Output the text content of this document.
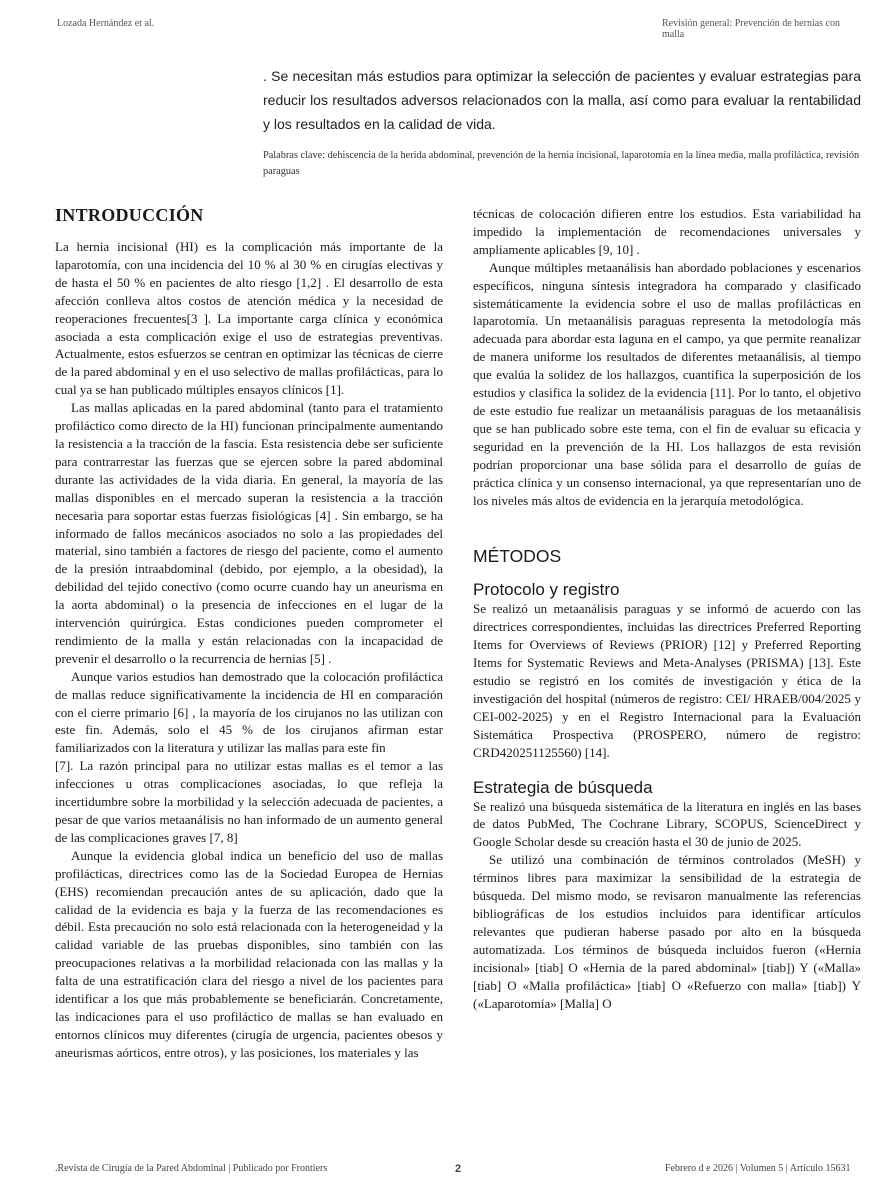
Lozada Hernández et al.	Revisión general: Prevención de hernias con malla
. Se necesitan más estudios para optimizar la selección de pacientes y evaluar estrategias para reducir los resultados adversos relacionados con la malla, así como para evaluar la rentabilidad y los resultados en la calidad de vida.
Palabras clave: dehiscencia de la herida abdominal, prevención de la hernia incisional, laparotomía en la línea media, malla profiláctica, revisión paraguas
INTRODUCCIÓN

La hernia incisional (HI) es la complicación más importante de la laparotomía, con una incidencia del 10 % al 30 % en cirugías electivas y de hasta el 50 % en pacientes de alto riesgo [1,2] . El desarrollo de esta afección conlleva altos costos de atención médica y la necesidad de reoperaciones frecuentes[3 ]. La importante carga clínica y económica asociada a esta complicación exige el uso de estrategias preventivas. Actualmente, estos esfuerzos se centran en optimizar las técnicas de cierre de la pared abdominal y en el uso selectivo de mallas profilácticas, para lo cual ya se han publicado múltiples ensayos clínicos [1].

Las mallas aplicadas en la pared abdominal (tanto para el tratamiento profiláctico como directo de la HI) funcionan principalmente aumentando la resistencia a la tracción de la fascia. Esta resistencia debe ser suficiente para contrarrestar las fuerzas que se ejercen sobre la pared abdominal durante las actividades de la vida diaria. En general, la mayoría de las mallas disponibles en el mercado superan la resistencia a la tracción necesaria para soportar estas fuerzas fisiológicas [4] . Sin embargo, se ha informado de fallos mecánicos asociados no solo a las propiedades del material, sino también a factores de riesgo del paciente, como el aumento de la presión intraabdominal (debido, por ejemplo, a la obesidad), la debilidad del tejido conectivo (como ocurre cuando hay un aneurisma en la aorta abdominal) o la presencia de infecciones en el lugar de la intervención quirúrgica. Estas condiciones pueden comprometer el rendimiento de la malla y están relacionadas con la incapacidad de prevenir el desarrollo o la recurrencia de hernias [5] .

Aunque varios estudios han demostrado que la colocación profiláctica de mallas reduce significativamente la incidencia de HI en comparación con el cierre primario [6] , la mayoría de los cirujanos no las utilizan con este fin. Además, solo el 45 % de los cirujanos afirman estar familiarizados con la literatura y utilizar las mallas para este fin

[7]. La razón principal para no utilizar estas mallas es el temor a las infecciones u otras complicaciones asociadas, lo que refleja la incertidumbre sobre la morbilidad y la selección adecuada de pacientes, a pesar de que varios metaanálisis no han informado de un aumento general de las complicaciones graves [7, 8]

Aunque la evidencia global indica un beneficio del uso de mallas profilácticas, directrices como las de la Sociedad Europea de Hernias (EHS) recomiendan precaución antes de su aplicación, dado que la calidad de la evidencia es baja y la fuerza de las recomendaciones es débil. Esta precaución no solo está relacionada con la heterogeneidad y la calidad variable de las pruebas disponibles, sino también con las preocupaciones relativas a la morbilidad relacionada con las mallas y la falta de una estratificación clara del riesgo a nivel de los pacientes para identificar a los que más probablemente se beneficiarán. Concretamente, las indicaciones para el uso profiláctico de mallas se han evaluado en entornos clínicos muy diferentes (cirugía de urgencia, pacientes obesos y aneurismas aórticos, entre otros), y las posiciones, los materiales y las

técnicas de colocación difieren entre los estudios. Esta variabilidad ha impedido la implementación de recomendaciones universales y ampliamente aplicables [9, 10] .

Aunque múltiples metaanálisis han abordado poblaciones y escenarios específicos, ninguna síntesis integradora ha comparado y clasificado sistemáticamente la evidencia sobre el uso de mallas profilácticas en laparotomía. Un metaanálisis paraguas representa la metodología más adecuada para abordar esta laguna en el campo, ya que permite reanalizar de manera uniforme los resultados de diferentes metaanálisis, al tiempo que evalúa la solidez de los hallazgos, cuantifica la superposición de los estudios y clasifica la solidez de la evidencia [11]. Por lo tanto, el objetivo de este estudio fue realizar un metaanálisis paraguas de los metaanálisis que se han publicado sobre este tema, con el fin de evaluar su eficacia y seguridad en la prevención de la HI. Los hallazgos de esta revisión podrían proporcionar una base sólida para el desarrollo de guías de práctica clínica y un consenso internacional, ya que representarían uno de los niveles más altos de evidencia en la jerarquía metodológica.

MÉTODOS
Protocolo y registro

Se realizó un metaanálisis paraguas y se informó de acuerdo con las directrices correspondientes, incluidas las directrices Preferred Reporting Items for Overviews of Reviews (PRIOR) [12] y Preferred Reporting Items for Systematic Reviews and Meta-Analyses (PRISMA) [13]. Este estudio se registró en los comités de investigación y ética de la investigación del hospital (números de registro: CEI/ HRAEB/004/2025 y CEI-002-2025) y en el Registro Internacional para la Evaluación Sistemática Prospectiva (PROSPERO, número de registro: CRD420251125560) [14].

Estrategia de búsqueda

Se realizó una búsqueda sistemática de la literatura en inglés en las bases de datos PubMed, The Cochrane Library, SCOPUS, ScienceDirect y Google Scholar desde su creación hasta el 30 de junio de 2025.

Se utilizó una combinación de términos controlados (MeSH) y términos libres para maximizar la sensibilidad de la estrategia de búsqueda. Del mismo modo, se revisaron manualmente las referencias bibliográficas de los estudios incluidos para identificar artículos relevantes que pudieran haberse pasado por alto en la búsqueda automatizada. Los términos de búsqueda incluidos fueron («Hernia incisional» [tiab] O «Hernia de la pared abdominal» [tiab]) Y («Malla» [tiab] O «Malla profiláctica» [tiab] O «Refuerzo con malla» [tiab]) Y («Laparotomía» [Malla] O

.Revista de Cirugía de la Pared Abdominal | Publicado por Frontiers	2	Febrero d e 2026 | Volumen 5 | Artículo 15631
